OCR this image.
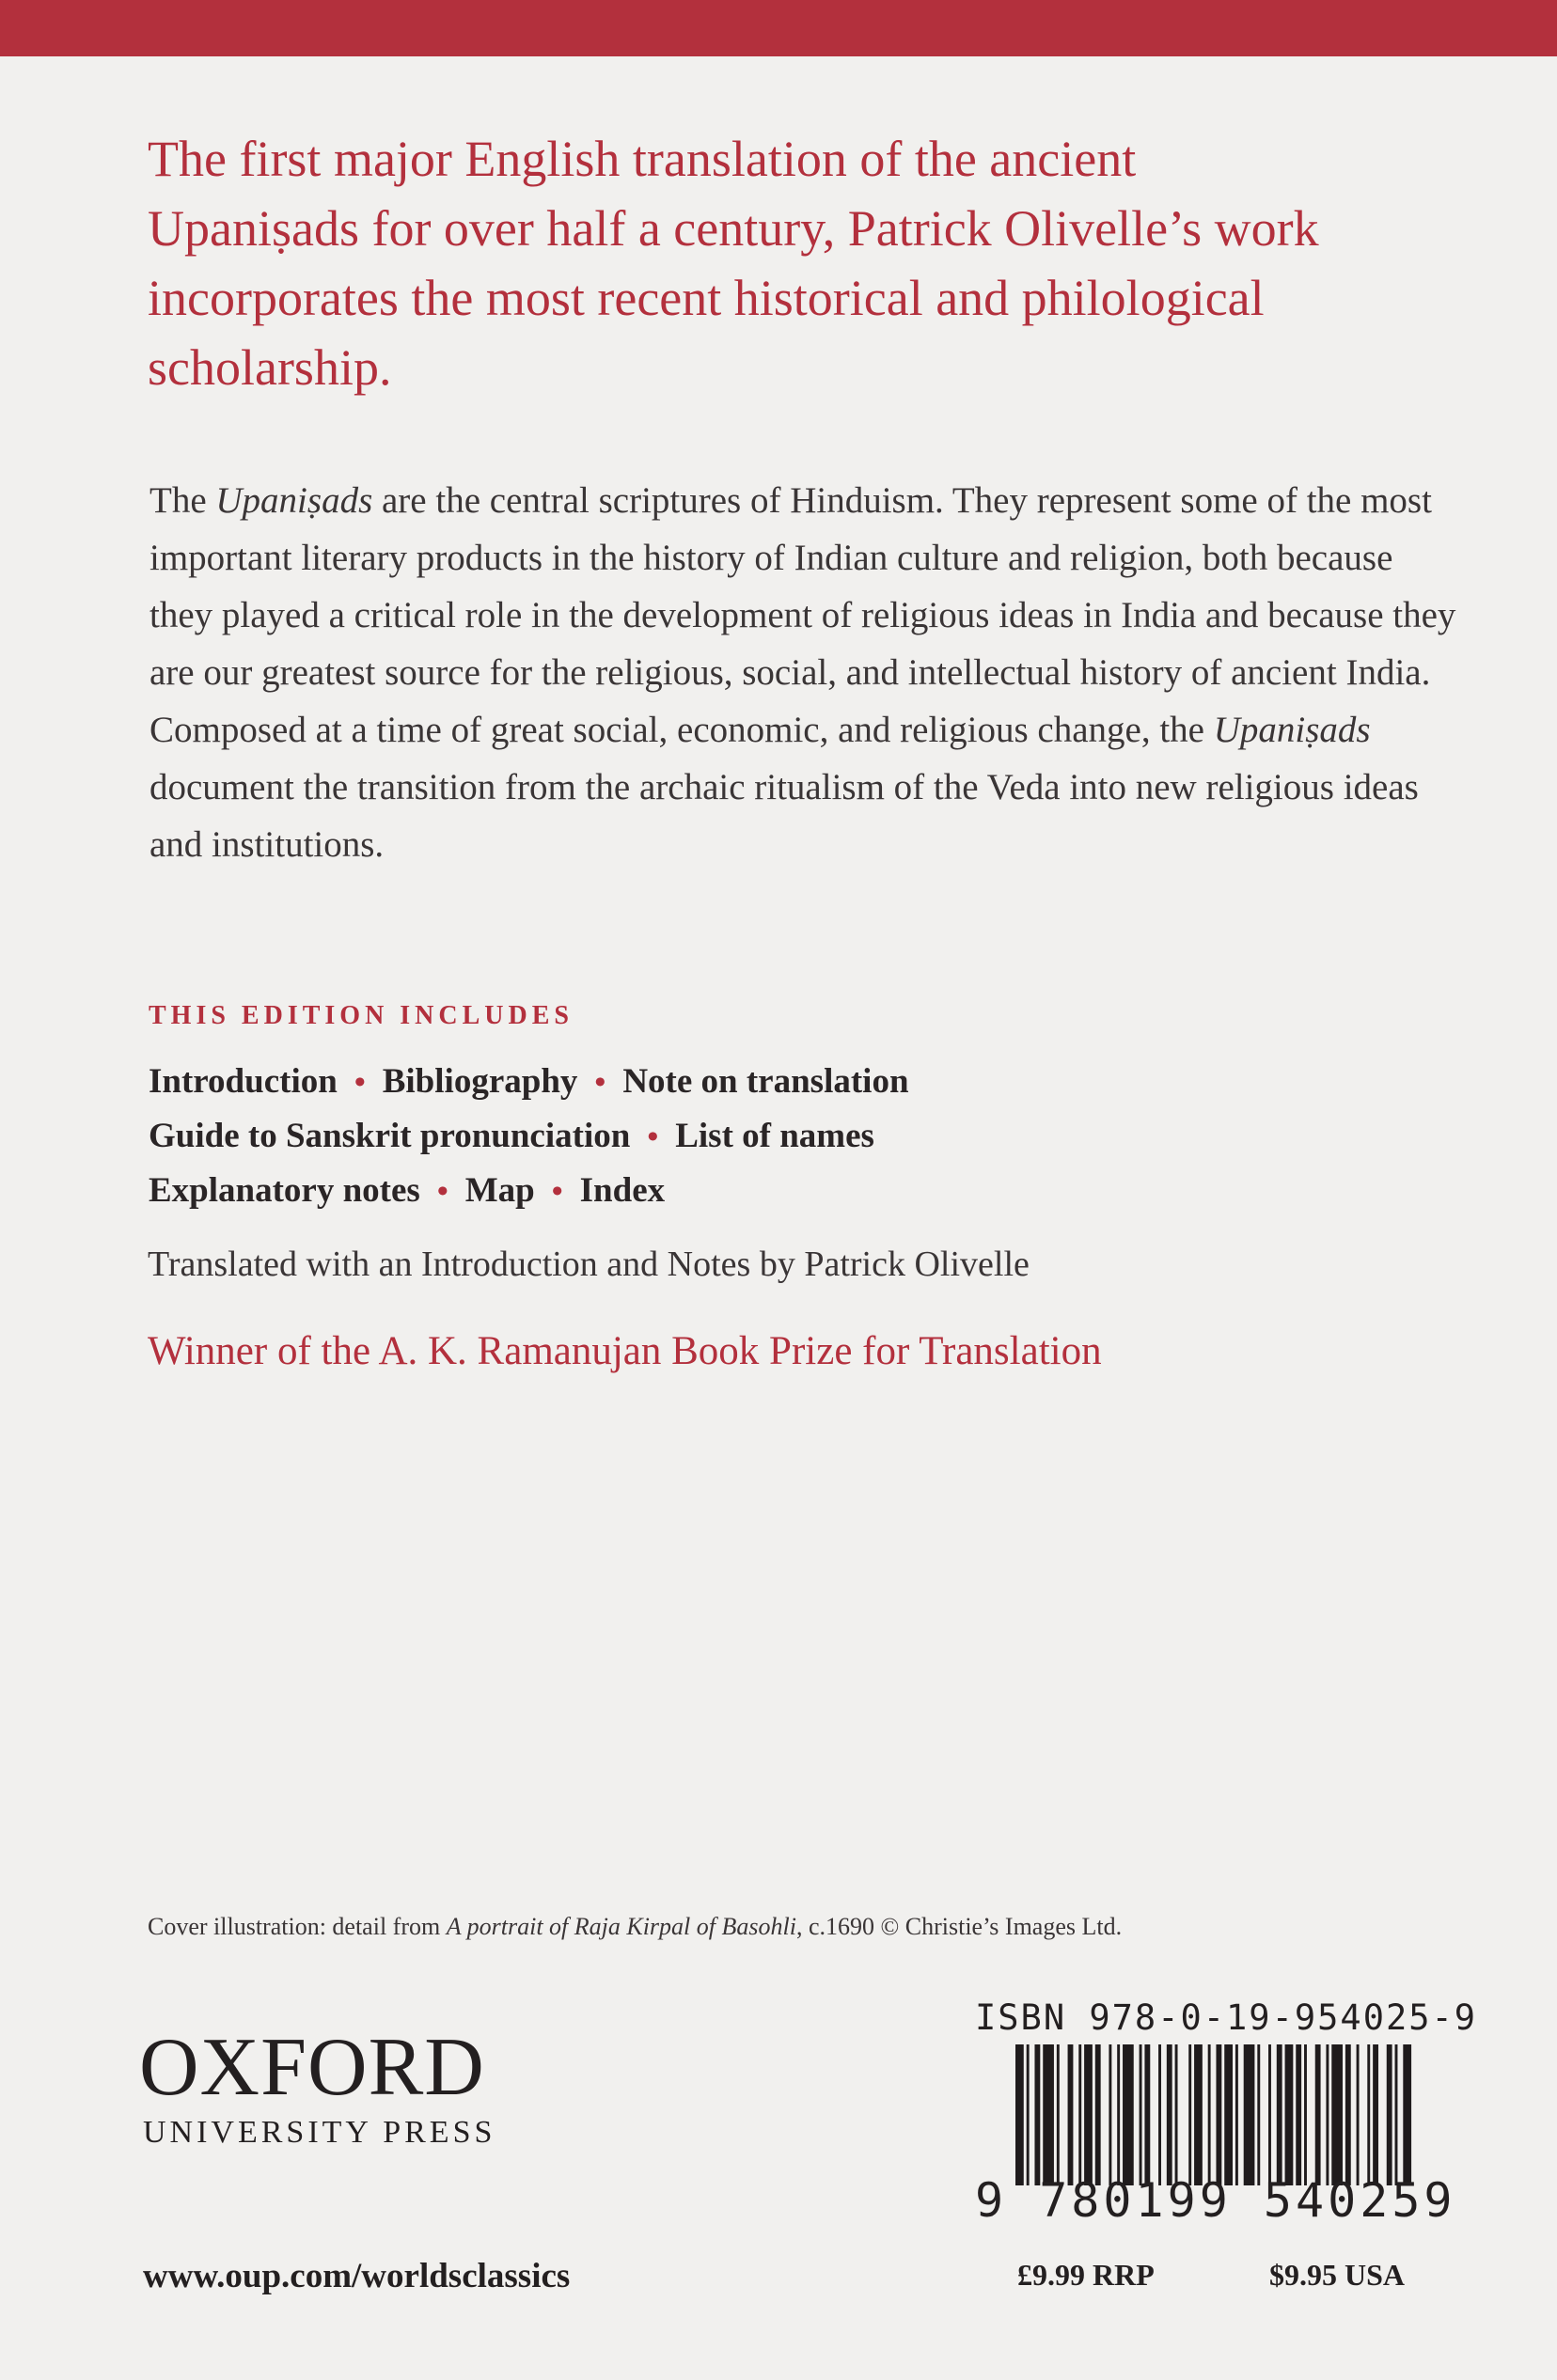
The first major English translation of the ancient Upaniṣads for over half a century, Patrick Olivelle’s work incorporates the most recent historical and philological scholarship.

The Upaniṣads are the central scriptures of Hinduism. They represent some of the most important literary products in the history of Indian culture and religion, both because they played a critical role in the development of religious ideas in India and because they are our greatest source for the religious, social, and intellectual history of ancient India. Composed at a time of great social, economic, and religious change, the Upaniṣads document the transition from the archaic ritualism of the Veda into new religious ideas and institutions.

THIS EDITION INCLUDES

Introduction • Bibliography • Note on translation
Guide to Sanskrit pronunciation • List of names
Explanatory notes • Map • Index

Translated with an Introduction and Notes by Patrick Olivelle

Winner of the A. K. Ramanujan Book Prize for Translation

Cover illustration: detail from A portrait of Raja Kirpal of Basohli, c.1690 © Christie’s Images Ltd.

OXFORD
UNIVERSITY PRESS
www.oup.com/worldsclassics
ISBN 978-0-19-954025-9
9 780199 540259
£9.99 RRP	$9.95 USA
